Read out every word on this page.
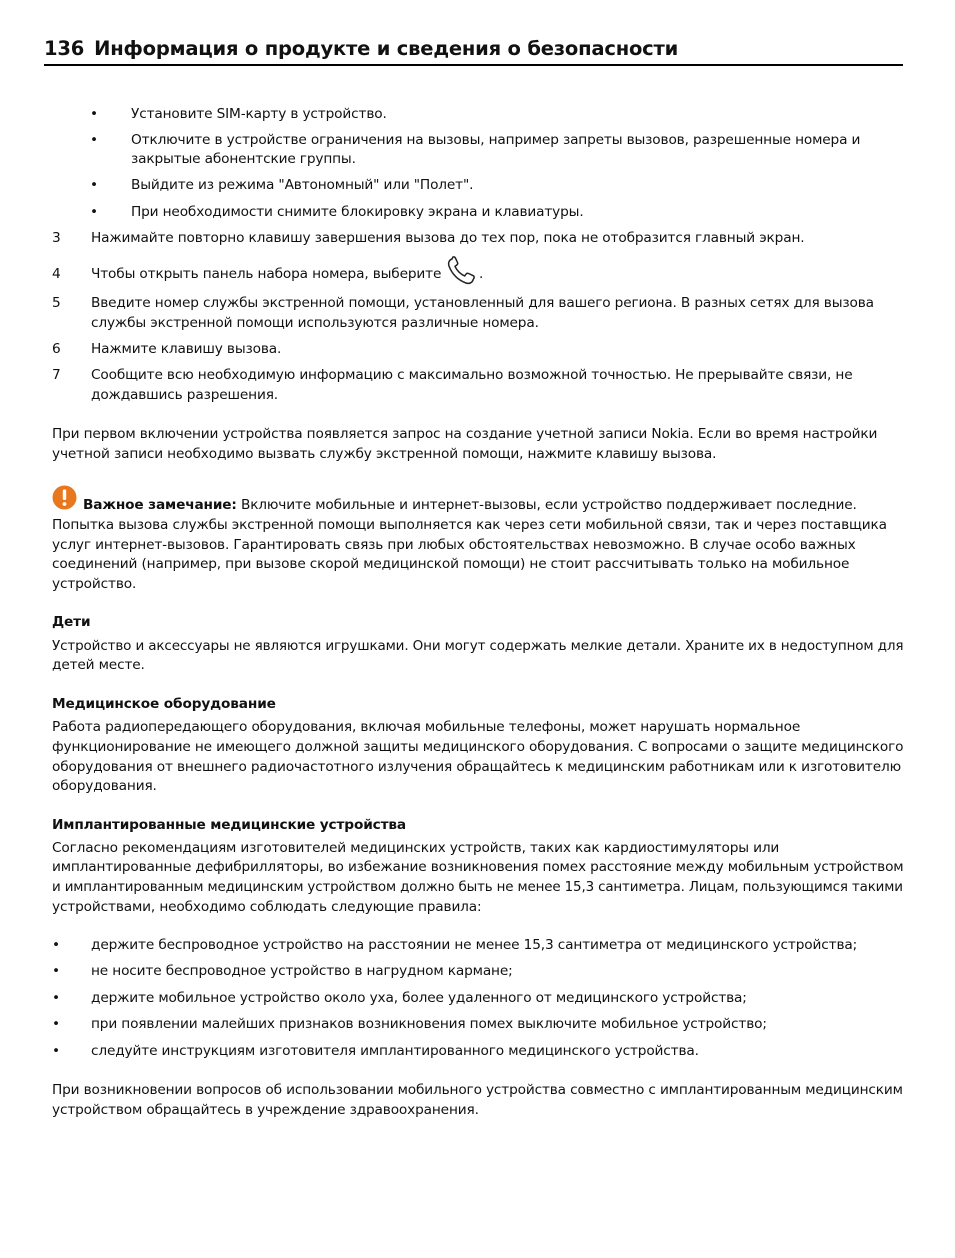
136 Информация о продукте и сведения о безопасности
• Установите SIM-карту в устройство.
• Отключите в устройстве ограничения на вызовы, например запреты вызовов, разрешенные номера и
закрытые абонентские группы.
• Выйдите из режима "Автономный" или "Полет".
• При необходимости снимите блокировку экрана и клавиатуры.
3 Нажимайте повторно клавишу завершения вызова до тех пор, пока не отобразится главный экран.
4 Чтобы открыть панель набора номера, выберите	.
5 Введите номер службы экстренной помощи, установленный для вашего региона. В разных сетях для вызова
службы экстренной помощи используются различные номера.
6 Нажмите клавишу вызова.
7 Сообщите всю необходимую информацию с максимально возможной точностью. Не прерывайте связи, не
дождавшись разрешения.
При первом включении устройства появляется запрос на создание учетной записи Nokia. Если во время настройки
учетной записи необходимо вызвать службу экстренной помощи, нажмите клавишу вызова.
Важное замечание: Включите мобильные и интернет-вызовы, если устройство поддерживает последние.
Попытка вызова службы экстренной помощи выполняется как через сети мобильной связи, так и через поставщика
услуг интернет-вызовов. Гарантировать связь при любых обстоятельствах невозможно. В случае особо важных
соединений (например, при вызове скорой медицинской помощи) не стоит рассчитывать только на мобильное
устройство.
Дети
Устройство и аксессуары не являются игрушками. Они могут содержать мелкие детали. Храните их в недоступном для
детей месте.
Медицинское оборудование
Работа радиопередающего оборудования, включая мобильные телефоны, может нарушать нормальное
функционирование не имеющего должной защиты медицинского оборудования. С вопросами о защите медицинского
оборудования от внешнего радиочастотного излучения обращайтесь к медицинским работникам или к изготовителю
оборудования.
Имплантированные медицинские устройства
Согласно рекомендациям изготовителей медицинских устройств, таких как кардиостимуляторы или
имплантированные дефибрилляторы, во избежание возникновения помех расстояние между мобильным устройством
и имплантированным медицинским устройством должно быть не менее 15,3 сантиметра. Лицам, пользующимся такими
устройствами, необходимо соблюдать следующие правила:
• держите беспроводное устройство на расстоянии не менее 15,3 сантиметра от медицинского устройства;
• не носите беспроводное устройство в нагрудном кармане;
• держите мобильное устройство около уха, более удаленного от медицинского устройства;
• при появлении малейших признаков возникновения помех выключите мобильное устройство;
• следуйте инструкциям изготовителя имплантированного медицинского устройства.
При возникновении вопросов об использовании мобильного устройства совместно с имплантированным медицинским
устройством обращайтесь в учреждение здравоохранения.
